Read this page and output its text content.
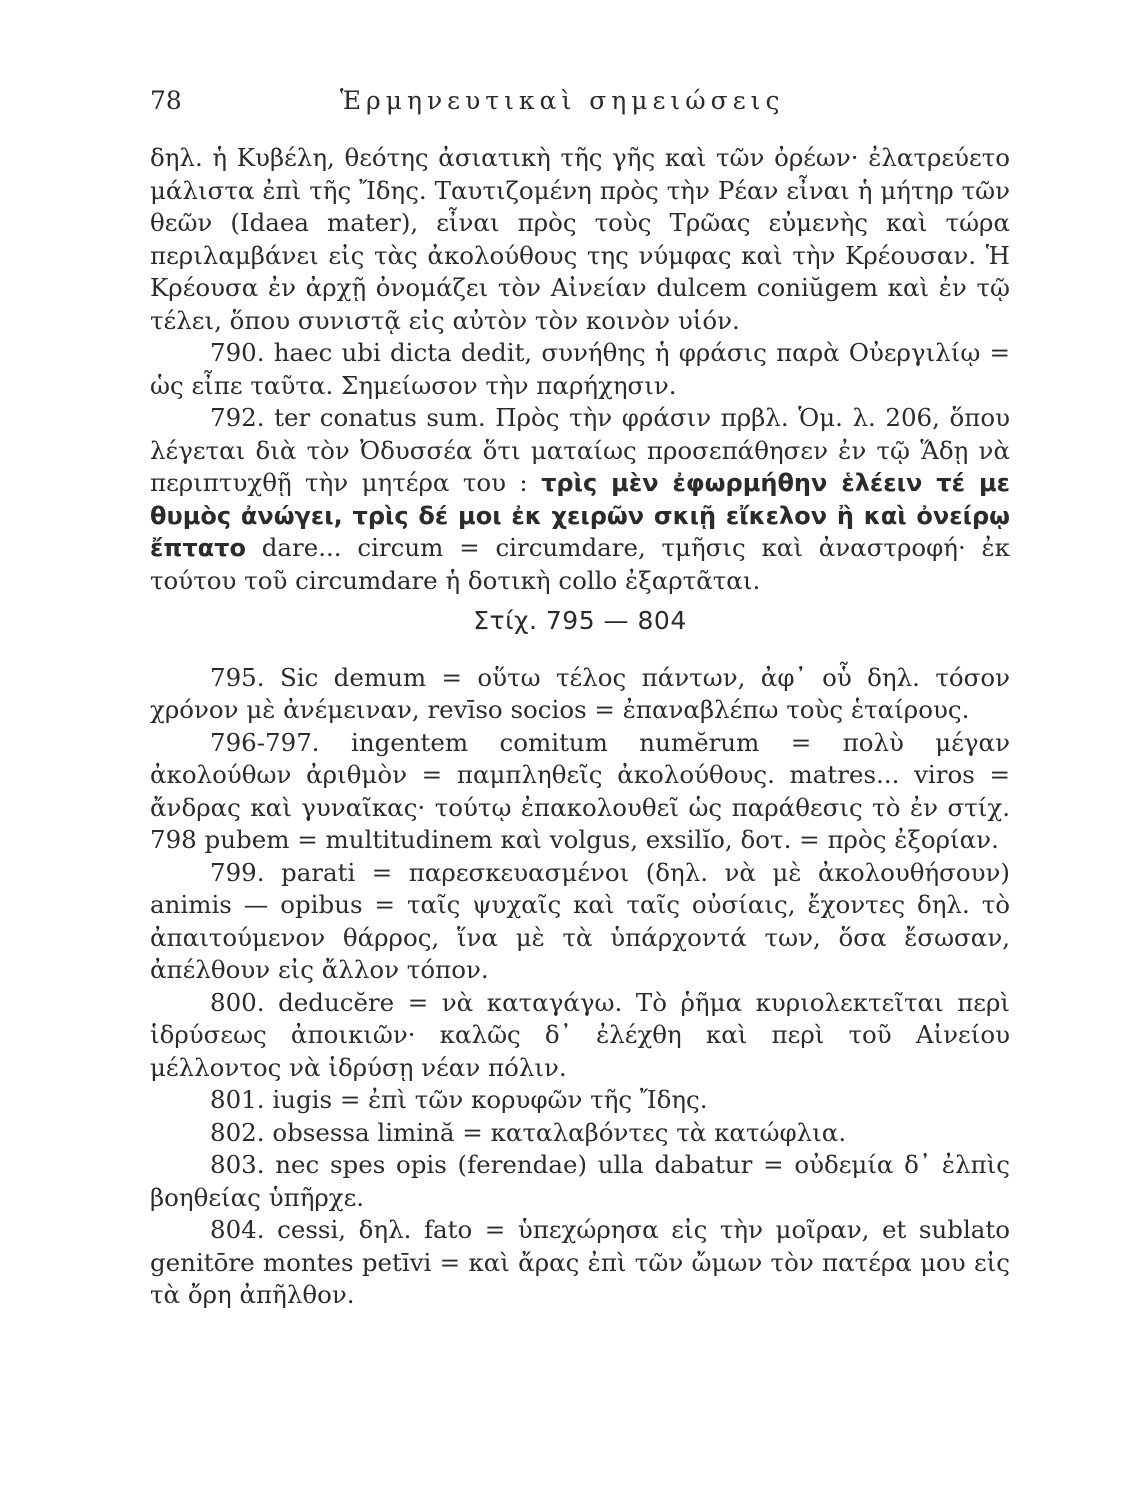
78	Ἑρμηνευτικαὶ σημειώσεις

δηλ. ἡ Κυβέλη, θεότης ἀσιατικὴ τῆς γῆς καὶ τῶν ὀρέων· ἐλατρεύετο μάλιστα ἐπὶ τῆς Ἴδης. Ταυτιζομένη πρὸς τὴν Ρέαν εἶναι ἡ μήτηρ τῶν θεῶν (Idaea mater), εἶναι πρὸς τοὺς Τρῶας εὐμενὴς καὶ τώρα περιλαμβάνει εἰς τὰς ἀκολούθους της νύμφας καὶ τὴν Κρέουσαν. Ἡ Κρέουσα ἐν ἀρχῇ ὀνομάζει τὸν Αἰνείαν dulcem coniŭgem καὶ ἐν τῷ τέλει, ὅπου συνιστᾷ εἰς αὐτὸν τὸν κοινὸν υἱόν.

790. haec ubi dicta dedit, συνήθης ἡ φράσις παρὰ Οὐεργιλίῳ = ὡς εἶπε ταῦτα. Σημείωσον τὴν παρήχησιν.

792. ter conatus sum. Πρὸς τὴν φράσιν πρβλ. Ὁμ. λ. 206, ὅπου λέγεται διὰ τὸν Ὀδυσσέα ὅτι ματαίως προσεπάθησεν ἐν τῷ Ἅδῃ νὰ περιπτυχθῇ τὴν μητέρα του : τρὶς μὲν ἐφωρμήθην ἑλέειν τέ με θυμὸς ἀνώγει, τρὶς δέ μοι ἐκ χειρῶν σκιῇ εἴκελον ἢ καὶ ὀνείρῳ ἔπτατο dare... circum = circumdare, τμῆσις καὶ ἀναστροφή· ἐκ τούτου τοῦ circumdare ἡ δοτικὴ collo ἐξαρτᾶται.

Στίχ. 795 — 804

795. Sic demum = οὕτω τέλος πάντων, ἀφ᾽ οὗ δηλ. τόσον χρόνον μὲ ἀνέμειναν, revīso socios = ἐπαναβλέπω τοὺς ἑταίρους.

796-797. ingentem comitum numĕrum = πολὺ μέγαν ἀκολούθων ἀριθμὸν = παμπληθεῖς ἀκολούθους. matres... viros = ἄνδρας καὶ γυναῖκας· τούτῳ ἐπακολουθεῖ ὡς παράθεσις τὸ ἐν στίχ. 798 pubem = multitudinem καὶ volgus, exsilĭo, δοτ. = πρὸς ἐξορίαν.

799. parati = παρεσκευασμένοι (δηλ. νὰ μὲ ἀκολουθήσουν) animis — opibus = ταῖς ψυχαῖς καὶ ταῖς οὐσίαις, ἔχοντες δηλ. τὸ ἀπαιτούμενον θάρρος, ἵνα μὲ τὰ ὑπάρχοντά των, ὅσα ἔσωσαν, ἀπέλθουν εἰς ἄλλον τόπον.

800. deducĕre = νὰ καταγάγω. Τὸ ῥῆμα κυριολεκτεῖται περὶ ἱδρύσεως ἀποικιῶν· καλῶς δ᾽ ἐλέχθη καὶ περὶ τοῦ Αἰνείου μέλλοντος νὰ ἱδρύσῃ νέαν πόλιν.

801. iugis = ἐπὶ τῶν κορυφῶν τῆς Ἴδης.

802. obsessa limină = καταλαβόντες τὰ κατώφλια.

803. nec spes opis (ferendae) ulla dabatur = οὐδεμία δ᾽ ἐλπὶς βοηθείας ὑπῆρχε.

804. cessi, δηλ. fato = ὑπεχώρησα εἰς τὴν μοῖραν, et sublato genitōre montes petīvi = καὶ ἄρας ἐπὶ τῶν ὤμων τὸν πατέρα μου εἰς τὰ ὄρη ἀπῆλθον.
